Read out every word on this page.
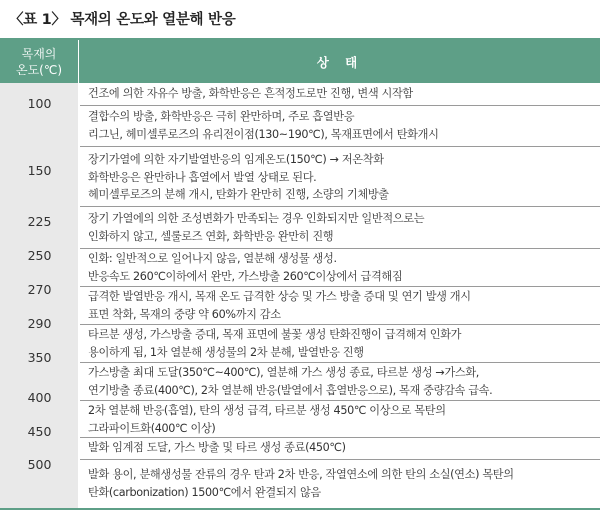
〈표 1〉 목재의 온도와 열분해 반응
목재의
온도(℃)	상 태
100
150
225
250
270
290
350
400
450
500
건조에 의한 자유수 방출, 화학반응은 흔적정도로만 진행, 변색 시작함
결합수의 방출, 화학반응은 극히 완만하며, 주로 흡열반응
리그닌, 헤미셀루로즈의 유리전이점(130~190℃), 목재표면에서 탄화개시
장기가열에 의한 자기발열반응의 임계온도(150℃) → 저온착화
화학반응은 완만하나 흡열에서 발열 상태로 된다.
헤미셀루로즈의 분해 개시, 탄화가 완만히 진행, 소량의 기체방출
장기 가열에의 의한 조성변화가 만족되는 경우 인화되지만 일반적으로는
인화하지 않고, 셀룰로즈 연화, 화학반응 완만히 진행
인화: 일반적으로 일어나지 않음, 열분해 생성물 생성.
반응속도 260℃이하에서 완만, 가스방출 260℃이상에서 급격해짐
급격한 발열반응 개시, 목재 온도 급격한 상승 및 가스 방출 증대 및 연기 발생 개시
표면 착화, 목재의 중량 약 60%까지 감소
타르분 생성, 가스방출 증대, 목재 표면에 불꽃 생성 탄화진행이 급격해져 인화가
용이하게 됨, 1차 열분해 생성물의 2차 분해, 발열반응 진행
가스방출 최대 도달(350℃~400℃), 열분해 가스 생성 종료, 타르분 생성 →가스화,
연기방출 종료(400℃), 2차 열분해 반응(발열에서 흡열반응으로), 목재 중량감속 급속.
2차 열분해 반응(흡열), 탄의 생성 급격, 타르분 생성 450℃ 이상으로 목탄의
그라파이트화(400℃ 이상)
발화 임계점 도달, 가스 방출 및 타르 생성 종료(450℃)
발화 용이, 분해생성물 잔류의 경우 탄과 2차 반응, 작열연소에 의한 탄의 소실(연소) 목탄의
탄화(carbonization) 1500℃에서 완결되지 않음
